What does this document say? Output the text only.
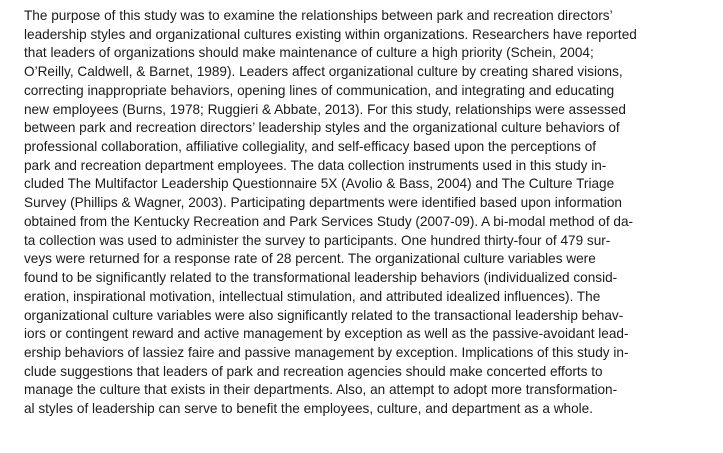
The purpose of this study was to examine the relationships between park and recreation directors’
leadership styles and organizational cultures existing within organizations. Researchers have reported
that leaders of organizations should make maintenance of culture a high priority (Schein, 2004;
O’Reilly, Caldwell, & Barnet, 1989). Leaders affect organizational culture by creating shared visions,
correcting inappropriate behaviors, opening lines of communication, and integrating and educating
new employees (Burns, 1978; Ruggieri & Abbate, 2013). For this study, relationships were assessed
between park and recreation directors’ leadership styles and the organizational culture behaviors of
professional collaboration, affiliative collegiality, and self-efficacy based upon the perceptions of
park and recreation department employees. The data collection instruments used in this study in-
cluded The Multifactor Leadership Questionnaire 5X (Avolio & Bass, 2004) and The Culture Triage
Survey (Phillips & Wagner, 2003). Participating departments were identified based upon information
obtained from the Kentucky Recreation and Park Services Study (2007-09). A bi-modal method of da-
ta collection was used to administer the survey to participants. One hundred thirty-four of 479 sur-
veys were returned for a response rate of 28 percent. The organizational culture variables were
found to be significantly related to the transformational leadership behaviors (individualized consid-
eration, inspirational motivation, intellectual stimulation, and attributed idealized influences). The
organizational culture variables were also significantly related to the transactional leadership behav-
iors or contingent reward and active management by exception as well as the passive-avoidant lead-
ership behaviors of lassiez faire and passive management by exception. Implications of this study in-
clude suggestions that leaders of park and recreation agencies should make concerted efforts to
manage the culture that exists in their departments. Also, an attempt to adopt more transformation-
al styles of leadership can serve to benefit the employees, culture, and department as a whole.
